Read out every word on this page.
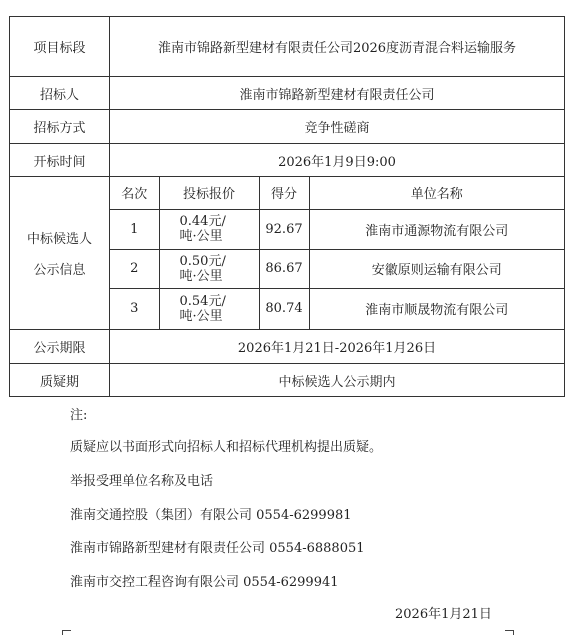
项目标段	淮南市锦路新型建材有限责任公司2026度沥青混合料运输服务
招标人	淮南市锦路新型建材有限责任公司
招标方式	竞争性磋商
开标时间	2026年1月9日9:00

中标候选人
公示信息

名次	投标报价	得分	单位名称
1	0.44元/
吨·公里	92.67	淮南市通源物流有限公司
2	0.50元/
吨·公里	86.67	安徽原则运输有限公司
3	0.54元/
吨·公里	80.74	淮南市顺晟物流有限公司

公示期限	2026年1月21日-2026年1月26日
质疑期	中标候选人公示期内
注:
质疑应以书面形式向招标人和招标代理机构提出质疑。
举报受理单位名称及电话
淮南交通控股（集团）有限公司 0554-6299981
淮南市锦路新型建材有限责任公司 0554-6888051
淮南市交控工程咨询有限公司 0554-6299941
2026年1月21日
